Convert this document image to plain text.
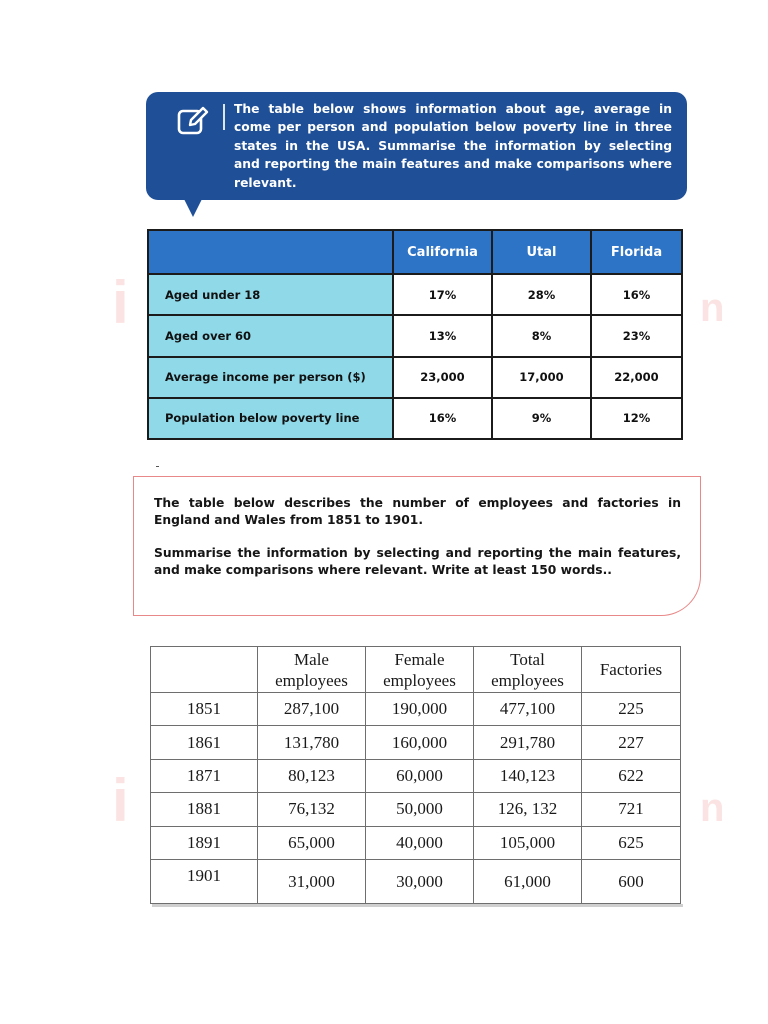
i	n
i	n
The table below shows information about age, average in come per person and population below poverty line in three states in the USA. Summarise the information by selecting and reporting the main features and make comparisons where relevant.
	California	Utal	Florida
Aged under 18	17%	28%	16%
Aged over 60	13%	8%	23%
Average income per person ($)	23,000	17,000	22,000
Population below poverty line	16%	9%	12%

The table below describes the number of employees and factories in England and Wales from 1851 to 1901.

Summarise the information by selecting and reporting the main features, and make comparisons where relevant. Write at least 150 words..

	Male employees	Female employees	Total employees	Factories
1851	287,100	190,000	477,100	225
1861	131,780	160,000	291,780	227
1871	80,123	60,000	140,123	622
1881	76,132	50,000	126, 132	721
1891	65,000	40,000	105,000	625
1901	31,000	30,000	61,000	600
